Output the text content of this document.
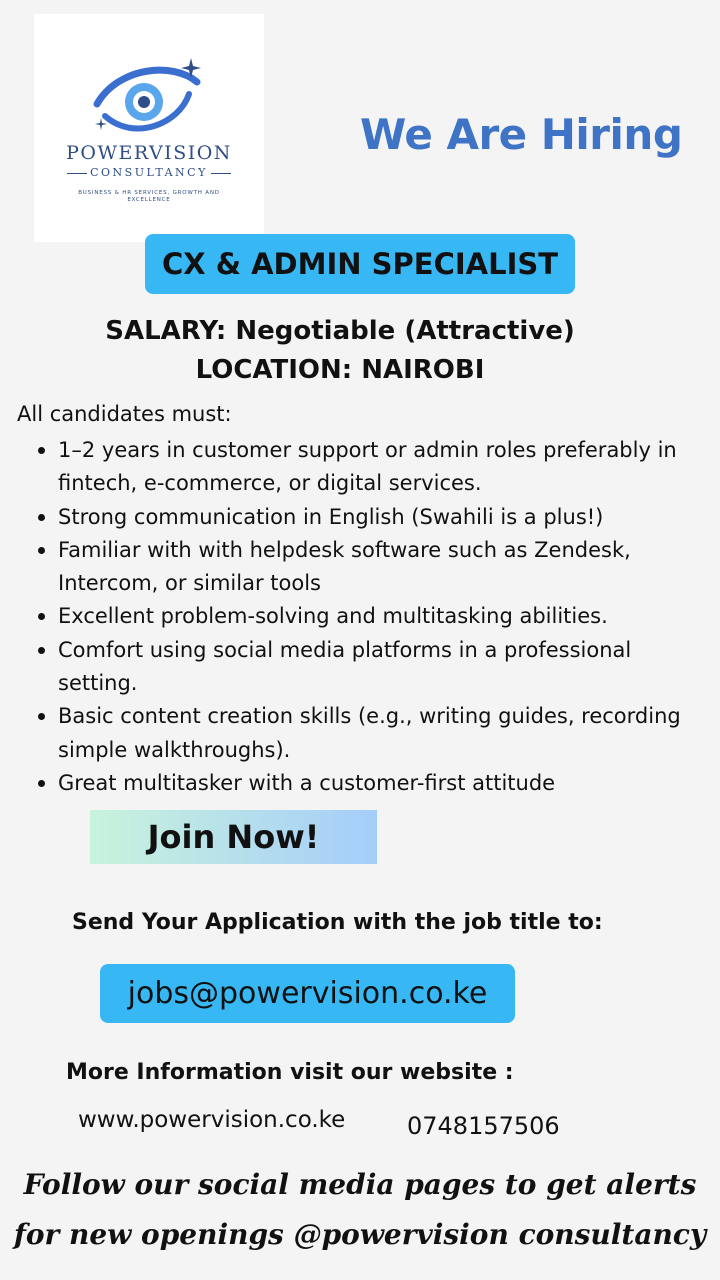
POWERVISION
CONSULTANCY
BUSINESS & HR SERVICES, GROWTH AND EXCELLENCE
We Are Hiring
CX & ADMIN SPECIALIST
SALARY: Negotiable (Attractive)
LOCATION: NAIROBI
All candidates must:
1–2 years in customer support or admin roles preferably in fintech, e-commerce, or digital services.
Strong communication in English (Swahili is a plus!)
Familiar with with helpdesk software such as Zendesk, Intercom, or similar tools
Excellent problem-solving and multitasking abilities.
Comfort using social media platforms in a professional setting.
Basic content creation skills (e.g., writing guides, recording simple walkthroughs).
Great multitasker with a customer-first attitude
Join Now!
Send Your Application with the job title to:
jobs@powervision.co.ke
More Information visit our website :
www.powervision.co.ke	0748157506
Follow our social media pages to get alerts
for new openings @powervision consultancy
